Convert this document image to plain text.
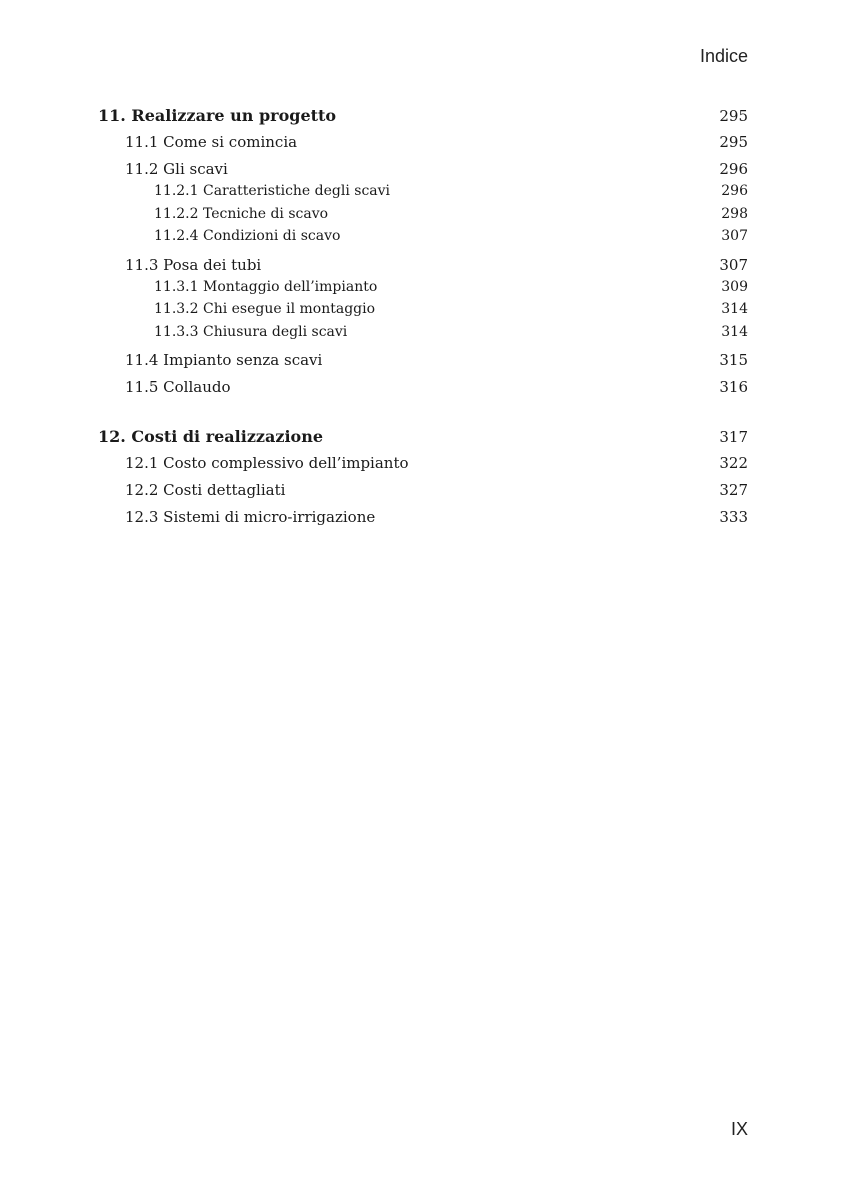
Indice
11. Realizzare un progetto	295
11.1 Come si comincia	295
11.2 Gli scavi	296
11.2.1 Caratteristiche degli scavi	296
11.2.2 Tecniche di scavo	298
11.2.4 Condizioni di scavo	307
11.3 Posa dei tubi	307
11.3.1 Montaggio dell’impianto	309
11.3.2 Chi esegue il montaggio	314
11.3.3 Chiusura degli scavi	314
11.4 Impianto senza scavi	315
11.5 Collaudo	316
12. Costi di realizzazione	317
12.1 Costo complessivo dell’impianto	322
12.2 Costi dettagliati	327
12.3 Sistemi di micro-irrigazione	333
IX
